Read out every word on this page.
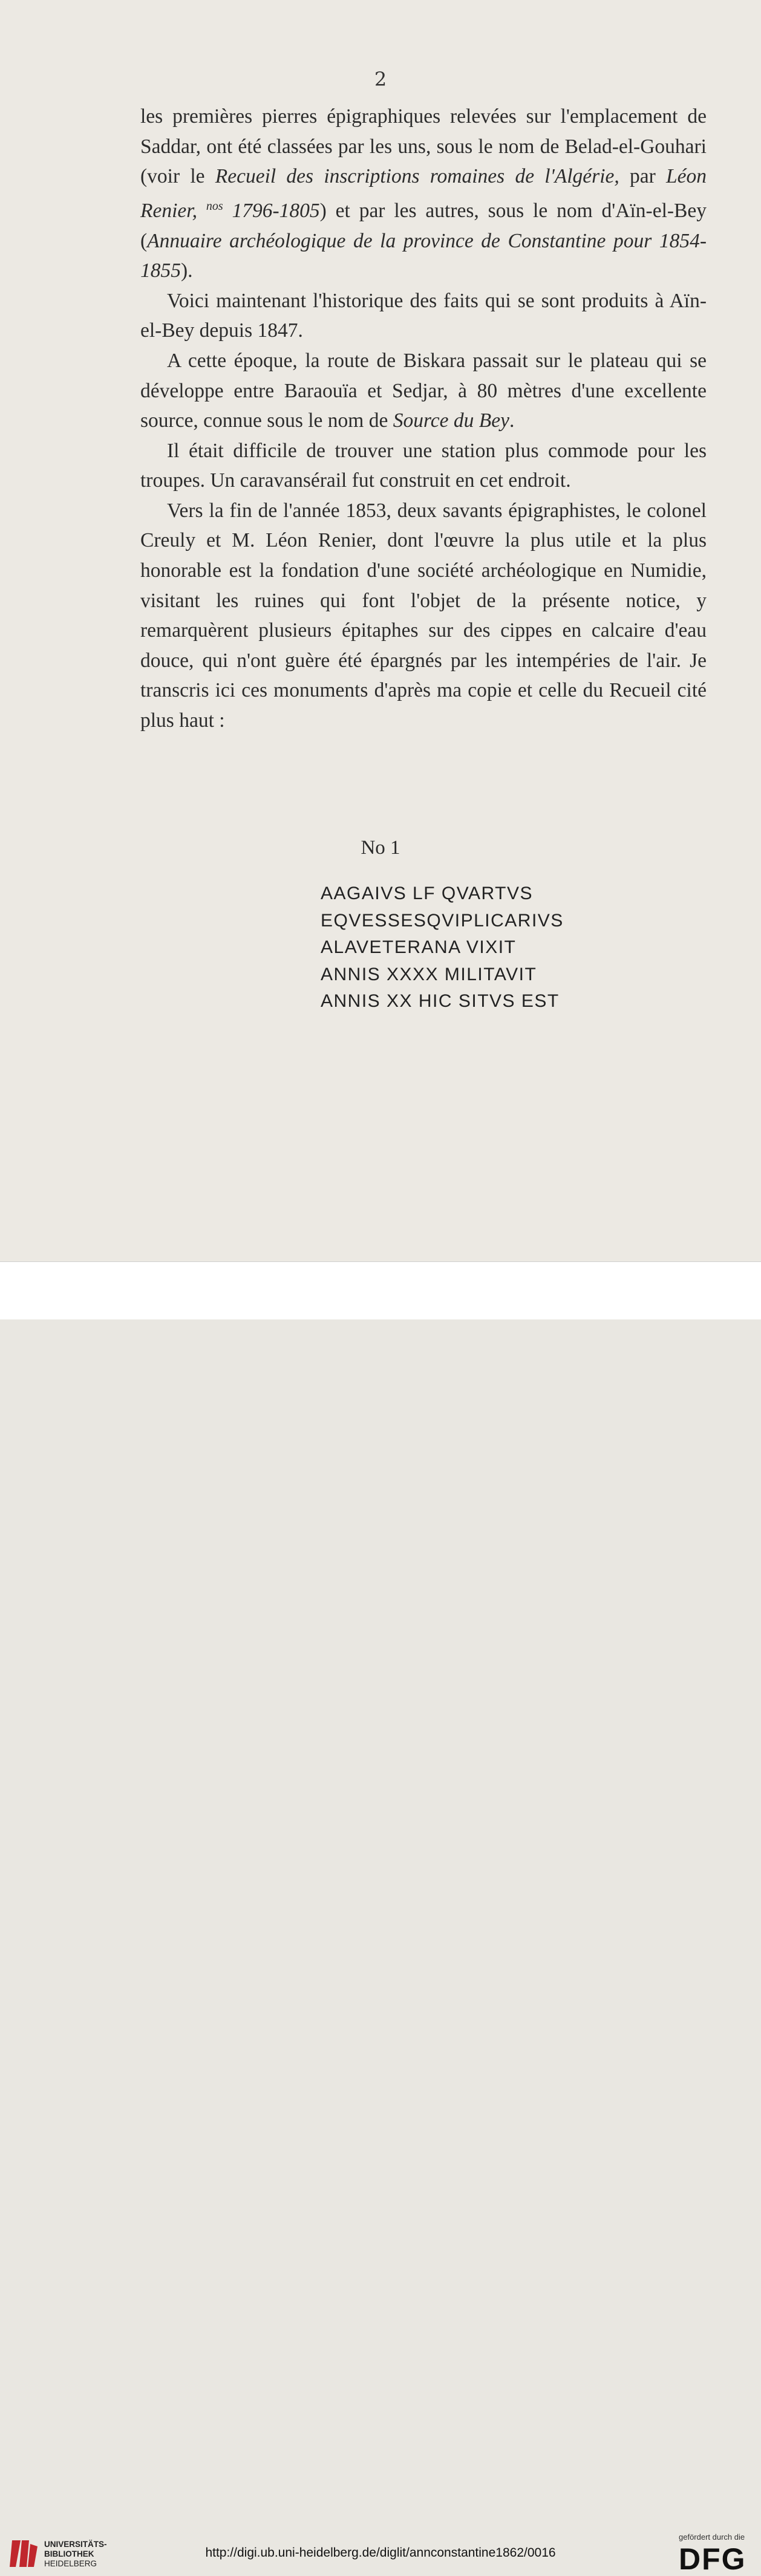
2

les premières pierres épigraphiques relevées sur l'emplacement de Saddar, ont été classées par les uns, sous le nom de Belad-el-Gouhari (voir le Recueil des inscriptions romaines de l'Algérie, par Léon Renier, $^{nos}$ 1796-1805) et par les autres, sous le nom d'Aïn-el-Bey (Annuaire archéologique de la province de Constantine pour 1854-1855).

Voici maintenant l'historique des faits qui se sont produits à Aïn-el-Bey depuis 1847.

A cette époque, la route de Biskara passait sur le plateau qui se développe entre Baraouïa et Sedjar, à 80 mètres d'une excellente source, connue sous le nom de Source du Bey.

Il était difficile de trouver une station plus commode pour les troupes. Un caravansérail fut construit en cet endroit.

Vers la fin de l'année 1853, deux savants épigraphistes, le colonel Creuly et M. Léon Renier, dont l'œuvre la plus utile et la plus honorable est la fondation d'une société archéologique en Numidie, visitant les ruines qui font l'objet de la présente notice, y remarquèrent plusieurs épitaphes sur des cippes en calcaire d'eau douce, qui n'ont guère été épargnés par les intempéries de l'air. Je transcris ici ces monuments d'après ma copie et celle du Recueil cité plus haut :

No 1
AAGAIVS LF QVARTVS
EQVESSESQVIPLICARIVS
ALAVETERANA VIXIT
ANNIS XXXX MILITAVIT
ANNIS XX HIC SITVS EST
UNIVERSITÄTS-
BIBLIOTHEK
HEIDELBERG
http://digi.ub.uni-heidelberg.de/diglit/annconstantine1862/0016
gefördert durch die
DFG
